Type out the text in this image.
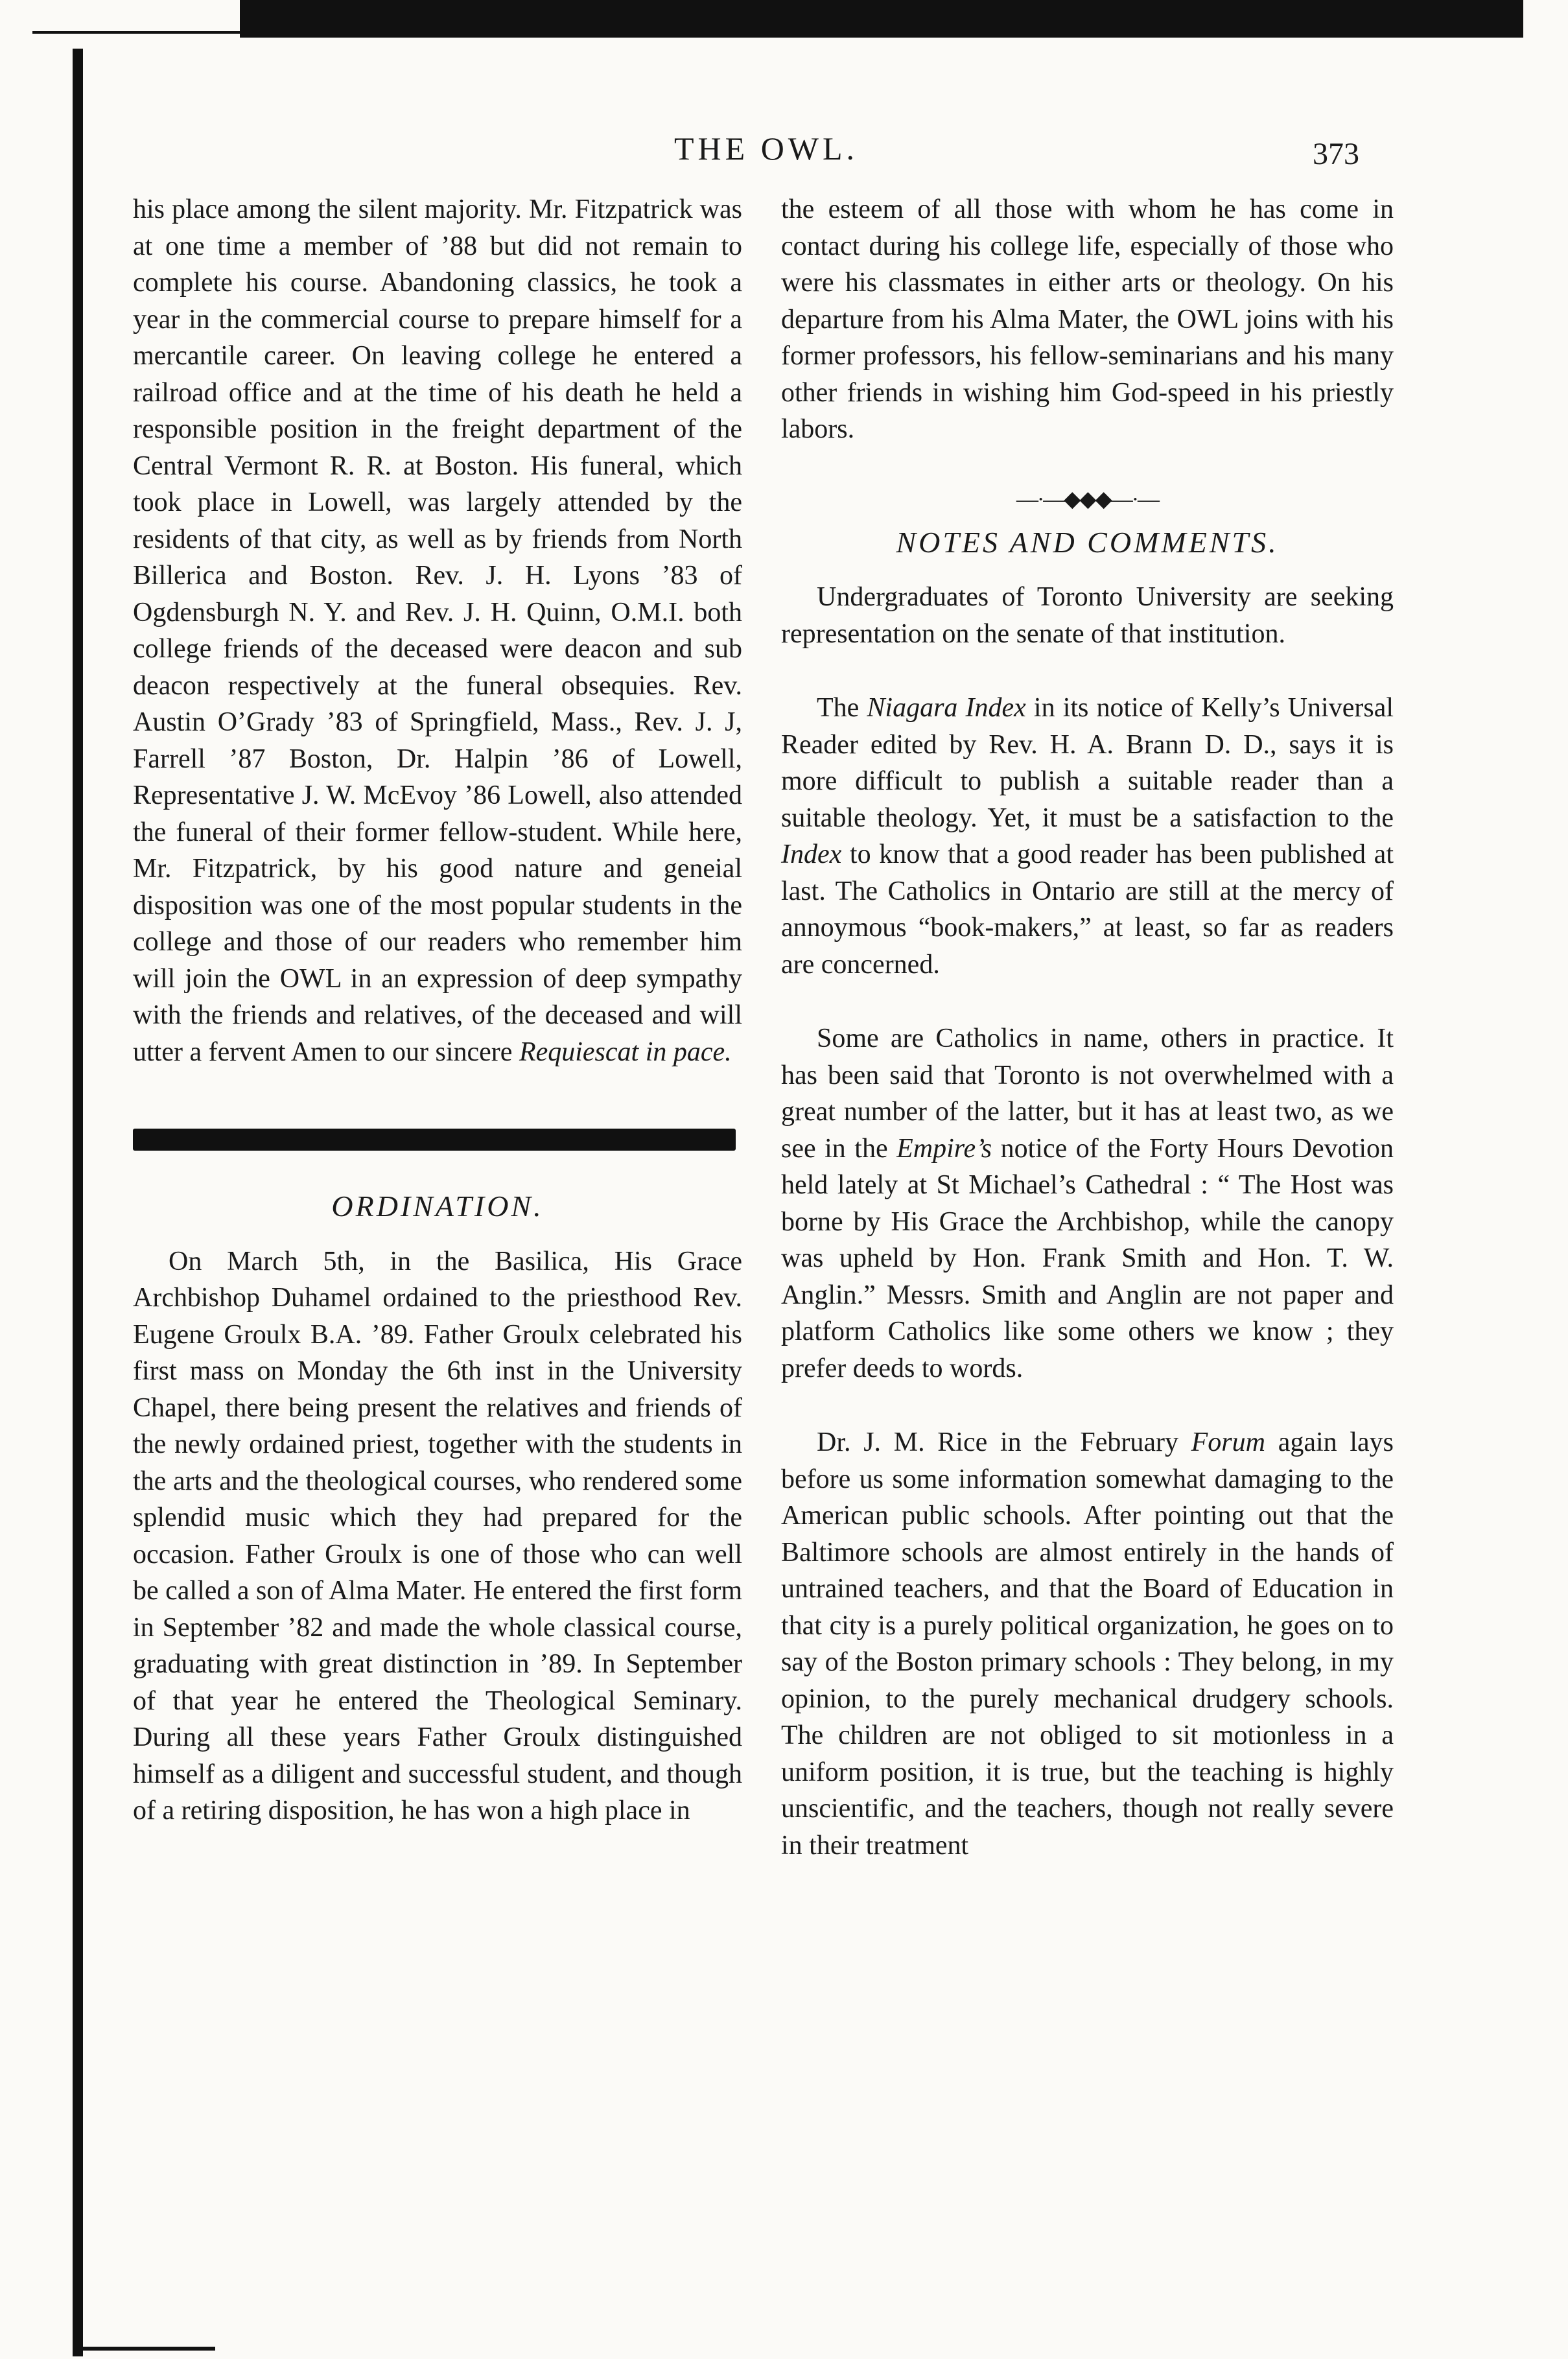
THE OWL.	373

his place among the silent majority. Mr. Fitzpatrick was at one time a member of ’88 but did not remain to complete his course. Abandoning classics, he took a year in the commercial course to prepare himself for a mercantile career. On leaving college he entered a railroad office and at the time of his death he held a responsible position in the freight department of the Central Vermont R. R. at Boston. His funeral, which took place in Lowell, was largely attended by the residents of that city, as well as by friends from North Billerica and Boston. Rev. J. H. Lyons ’83 of Ogdensburgh N. Y. and Rev. J. H. Quinn, O.M.I. both college friends of the deceased were deacon and sub deacon respectively at the funeral obsequies. Rev. Austin O’Grady ’83 of Springfield, Mass., Rev. J. J, Farrell ’87 Boston, Dr. Halpin ’86 of Lowell, Representative J. W. McEvoy ’86 Lowell, also attended the funeral of their former fellow-student. While here, Mr. Fitzpatrick, by his good nature and geneial disposition was one of the most popular students in the college and those of our readers who remember him will join the OWL in an expression of deep sympathy with the friends and relatives, of the deceased and will utter a fervent Amen to our sincere Requiescat in pace.

ORDINATION.

On March 5th, in the Basilica, His Grace Archbishop Duhamel ordained to the priesthood Rev. Eugene Groulx B.A. ’89. Father Groulx celebrated his first mass on Monday the 6th inst in the University Chapel, there being present the relatives and friends of the newly ordained priest, together with the students in the arts and the theological courses, who rendered some splendid music which they had prepared for the occasion. Father Groulx is one of those who can well be called a son of Alma Mater. He entered the first form in September ’82 and made the whole classical course, graduating with great distinction in ’89. In September of that year he entered the Theological Seminary. During all these years Father Groulx distinguished himself as a diligent and successful student, and though of a retiring disposition, he has won a high place in

the esteem of all those with whom he has come in contact during his college life, especially of those who were his classmates in either arts or theology. On his departure from his Alma Mater, the OWL joins with his former professors, his fellow-seminarians and his many other friends in wishing him God-speed in his priestly labors.

—·—◆◆◆—·—

NOTES AND COMMENTS.

Undergraduates of Toronto University are seeking representation on the senate of that institution.

The Niagara Index in its notice of Kelly’s Universal Reader edited by Rev. H. A. Brann D. D., says it is more difficult to publish a suitable reader than a suitable theology. Yet, it must be a satisfaction to the Index to know that a good reader has been published at last. The Catholics in Ontario are still at the mercy of annoymous “book-makers,” at least, so far as readers are concerned.

Some are Catholics in name, others in practice. It has been said that Toronto is not overwhelmed with a great number of the latter, but it has at least two, as we see in the Empire’s notice of the Forty Hours Devotion held lately at St Michael’s Cathedral : “ The Host was borne by His Grace the Archbishop, while the canopy was upheld by Hon. Frank Smith and Hon. T. W. Anglin.” Messrs. Smith and Anglin are not paper and platform Catholics like some others we know ; they prefer deeds to words.

Dr. J. M. Rice in the February Forum again lays before us some information somewhat damaging to the American public schools. After pointing out that the Baltimore schools are almost entirely in the hands of untrained teachers, and that the Board of Education in that city is a purely political organization, he goes on to say of the Boston primary schools : They belong, in my opinion, to the purely mechanical drudgery schools. The children are not obliged to sit motionless in a uniform position, it is true, but the teaching is highly unscientific, and the teachers, though not really severe in their treatment
